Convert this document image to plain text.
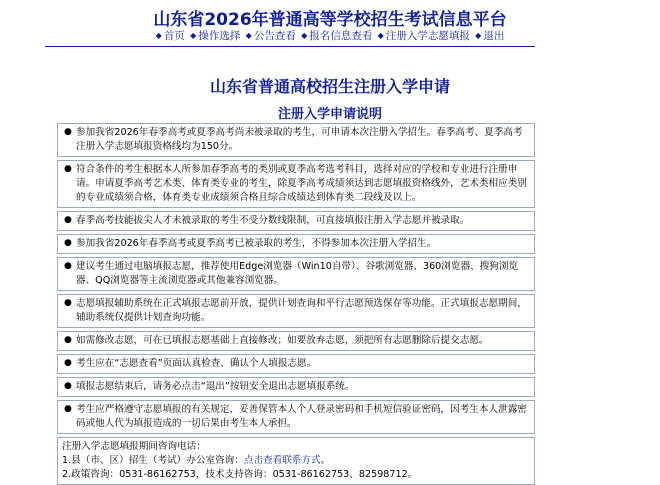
山东省2026年普通高等学校招生考试信息平台
◆ 首页 ◆ 操作选择 ◆ 公告查看 ◆ 报名信息查看 ◆ 注册入学志愿填报 ◆ 退出
山东省普通高校招生注册入学申请
注册入学申请说明
● 参加我省2026年春季高考或夏季高考尚未被录取的考生，可申请本次注册入学招生。春季高考、夏季高考注册入学志愿填报资格线均为150分。
● 符合条件的考生根据本人所参加春季高考的类别或夏季高考选考科目，选择对应的学校和专业进行注册申请。申请夏季高考艺术类、体育类专业的考生，除夏季高考成绩须达到志愿填报资格线外，艺术类相应类别的专业成绩须合格，体育类专业成绩须合格且综合成绩达到体育类二段线及以上。
● 春季高考技能拔尖人才未被录取的考生不受分数线限制，可直接填报注册入学志愿并被录取。
● 参加我省2026年春季高考或夏季高考已被录取的考生，不得参加本次注册入学招生。
● 建议考生通过电脑填报志愿，推荐使用Edge浏览器（Win10自带）、谷歌浏览器、360浏览器、搜狗浏览器、QQ浏览器等主流浏览器或其他兼容浏览器。
● 志愿填报辅助系统在正式填报志愿前开放，提供计划查询和平行志愿预选保存等功能。正式填报志愿期间，辅助系统仅提供计划查询功能。
● 如需修改志愿，可在已填报志愿基础上直接修改；如要放弃志愿，须把所有志愿删除后提交志愿。
● 考生应在“志愿查看”页面认真检查、确认个人填报志愿。
● 填报志愿结束后，请务必点击“退出”按钮安全退出志愿填报系统。
● 考生应严格遵守志愿填报的有关规定，妥善保管本人个人登录密码和手机短信验证密码，因考生本人泄露密码或他人代为填报造成的一切后果由考生本人承担。
注册入学志愿填报期间咨询电话：
1.县（市、区）招生（考试）办公室咨询：点击查看联系方式。
2.政策咨询：0531-86162753，技术支持咨询：0531-86162753、82598712。
